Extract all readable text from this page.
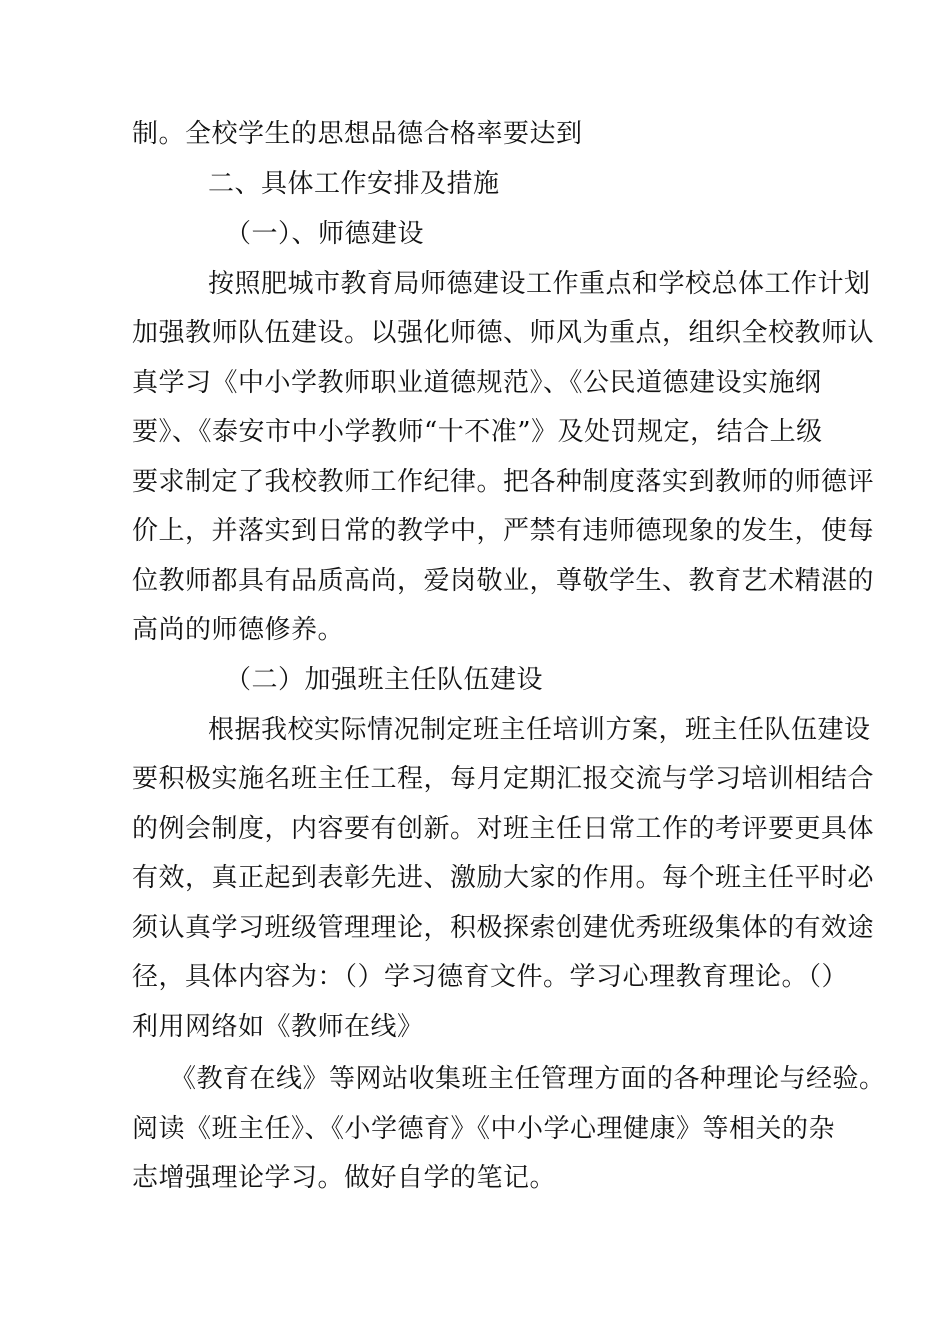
制。全校学生的思想品德合格率要达到
二、具体工作安排及措施
（一）、师德建设
按照肥城市教育局师德建设工作重点和学校总体工作计划
加强教师队伍建设。以强化师德、师风为重点，组织全校教师认
真学习《中小学教师职业道德规范》、《公民道德建设实施纲
要》、《泰安市中小学教师“十不准”》及处罚规定，结合上级
要求制定了我校教师工作纪律。把各种制度落实到教师的师德评
价上，并落实到日常的教学中，严禁有违师德现象的发生，使每
位教师都具有品质高尚，爱岗敬业，尊敬学生、教育艺术精湛的
高尚的师德修养。
（二）加强班主任队伍建设
根据我校实际情况制定班主任培训方案，班主任队伍建设
要积极实施名班主任工程，每月定期汇报交流与学习培训相结合
的例会制度，内容要有创新。对班主任日常工作的考评要更具体
有效，真正起到表彰先进、激励大家的作用。每个班主任平时必
须认真学习班级管理理论，积极探索创建优秀班级集体的有效途
径，具体内容为：（）学习德育文件。学习心理教育理论。（）
利用网络如《教师在线》
《教育在线》等网站收集班主任管理方面的各种理论与经验。
阅读《班主任》、《小学德育》《中小学心理健康》等相关的杂
志增强理论学习。做好自学的笔记。
